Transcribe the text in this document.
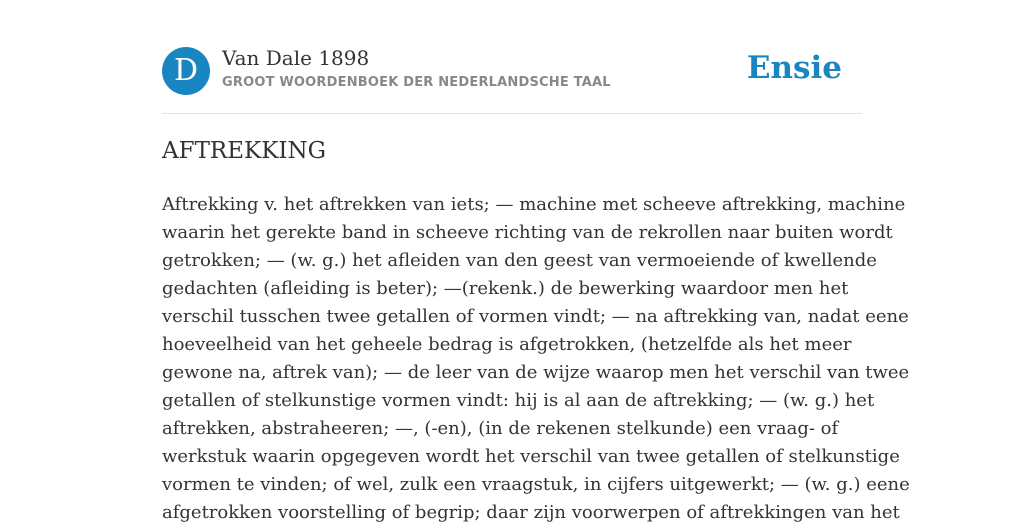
D	Van Dale 1898
GROOT WOORDENBOEK DER NEDERLANDSCHE TAAL	Ensie
AFTREKKING

Aftrekking v. het aftrekken van iets; — machine met scheeve aftrekking, machine
waarin het gerekte band in scheeve richting van de rekrollen naar buiten wordt
getrokken; — (w. g.) het afleiden van den geest van vermoeiende of kwellende
gedachten (afleiding is beter); —(rekenk.) de bewerking waardoor men het
verschil tusschen twee getallen of vormen vindt; — na aftrekking van, nadat eene
hoeveelheid van het geheele bedrag is afgetrokken, (hetzelfde als het meer
gewone na, aftrek van); — de leer van de wijze waarop men het verschil van twee
getallen of stelkunstige vormen vindt: hij is al aan de aftrekking; — (w. g.) het
aftrekken, abstraheeren; —, (-en), (in de rekenen stelkunde) een vraag- of
werkstuk waarin opgegeven wordt het verschil van twee getallen of stelkunstige
vormen te vinden; of wel, zulk een vraagstuk, in cijfers uitgewerkt; — (w. g.) eene
afgetrokken voorstelling of begrip; daar zijn voorwerpen of aftrekkingen van het
